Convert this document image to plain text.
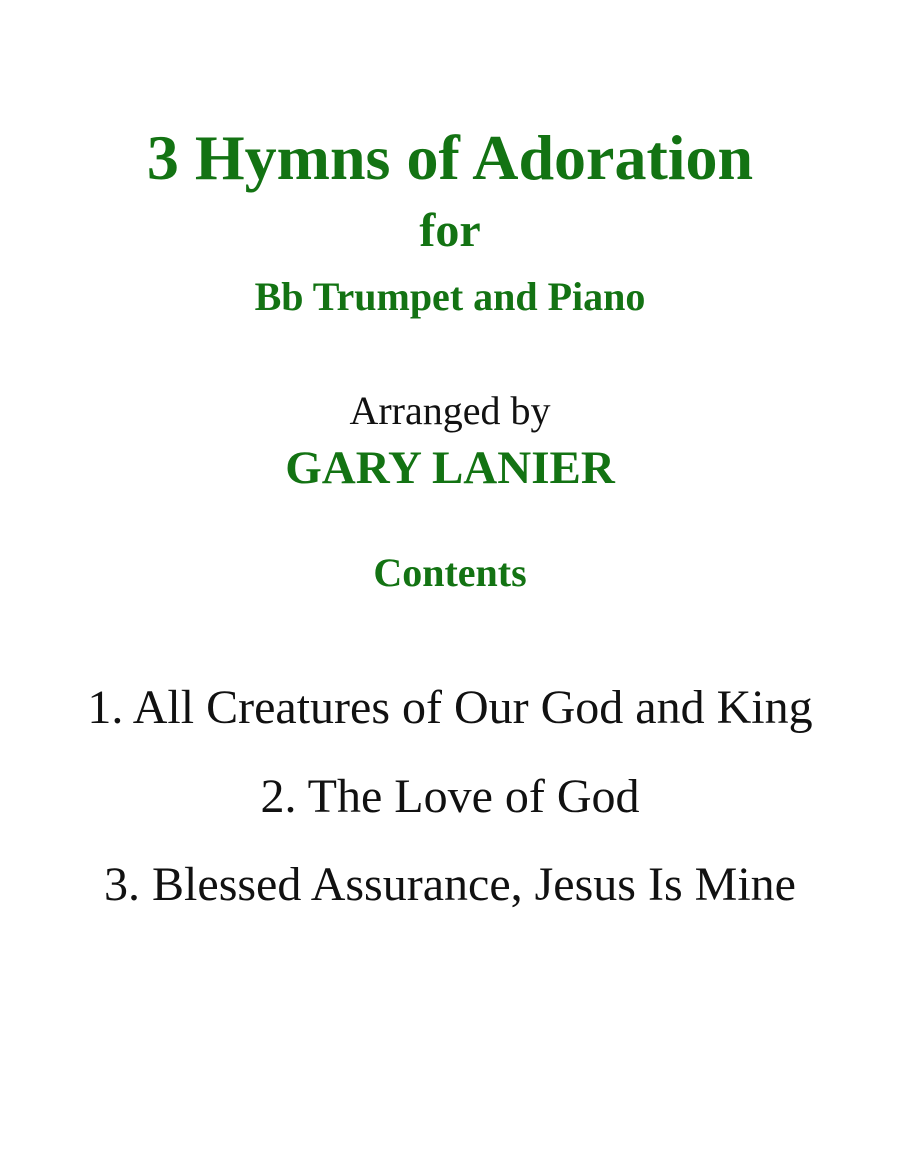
3 Hymns of Adoration
for
Bb Trumpet and Piano
Arranged by
GARY LANIER
Contents
1. All Creatures of Our God and King
2. The Love of God
3. Blessed Assurance, Jesus Is Mine
